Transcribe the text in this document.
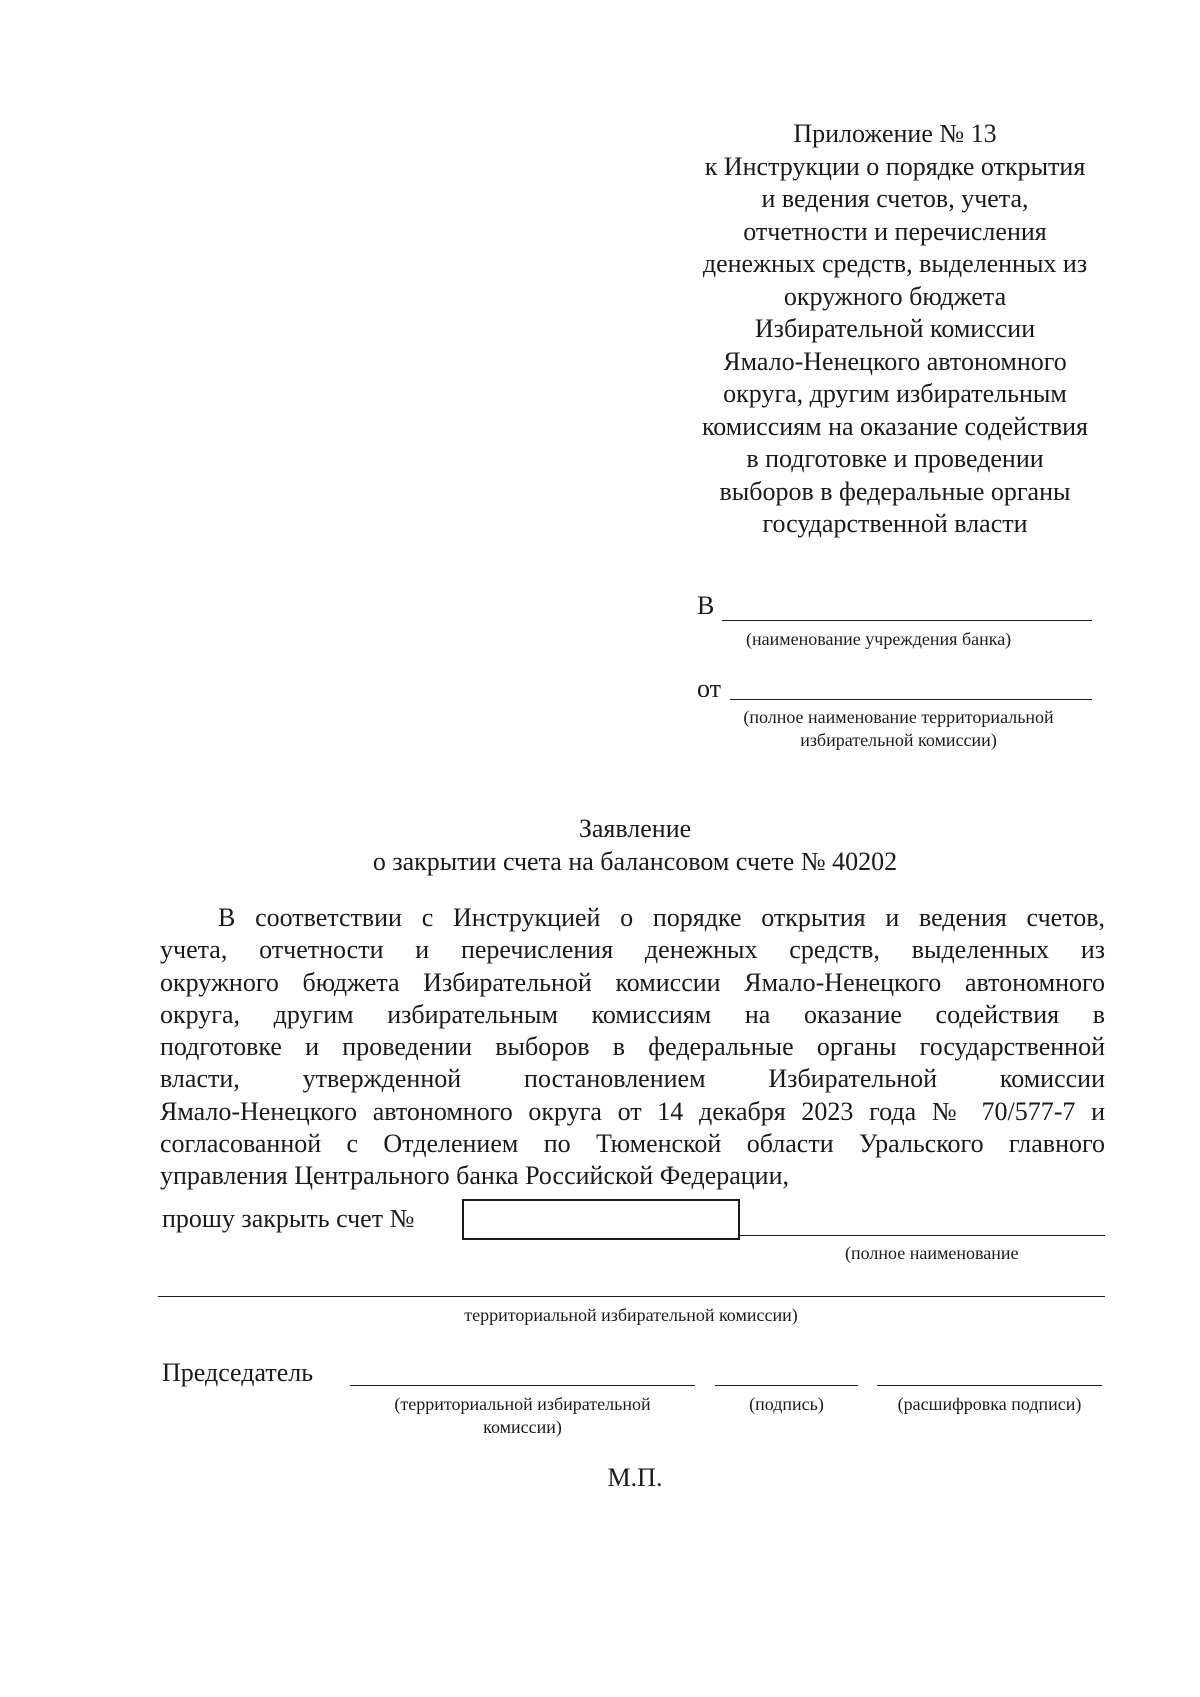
Приложение № 13
к Инструкции о порядке открытия
и ведения счетов, учета,
отчетности и перечисления
денежных средств, выделенных из
окружного бюджета
Избирательной комиссии
Ямало-Ненецкого автономного
округа, другим избирательным
комиссиям на оказание содействия
в подготовке и проведении
выборов в федеральные органы
государственной власти
В
(наименование учреждения банка)
от
(полное наименование территориальной
избирательной комиссии)
Заявление
о закрытии счета на балансовом счете № 40202
В соответствии с Инструкцией о порядке открытия и ведения счетов,
учета, отчетности и перечисления денежных средств, выделенных из
окружного бюджета Избирательной комиссии Ямало-Ненецкого автономного
округа, другим избирательным комиссиям на оказание содействия в
подготовке и проведении выборов в федеральные органы государственной
власти, утвержденной постановлением Избирательной комиссии
Ямало-Ненецкого автономного округа от 14 декабря 2023 года № 70/577-7 и
согласованной с Отделением по Тюменской области Уральского главного
управления Центрального банка Российской Федерации,
прошу закрыть счет №
(полное наименование
территориальной избирательной комиссии)
Председатель
(территориальной избирательной
комиссии)
(подпись)	(расшифровка подписи)
М.П.
